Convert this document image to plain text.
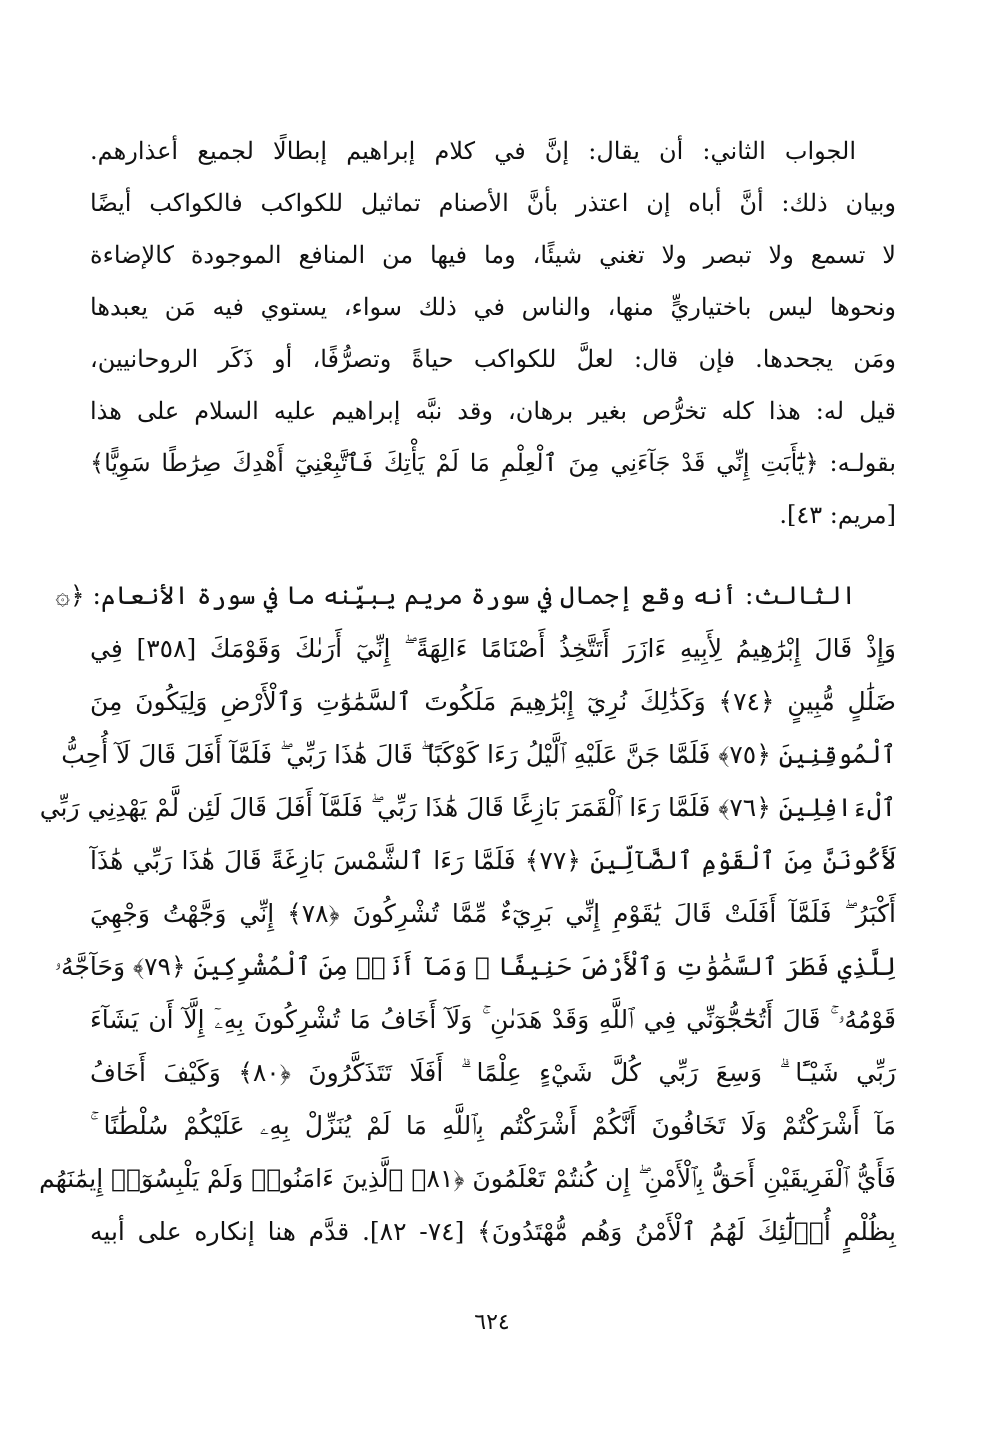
الجواب الثاني: أن يقال: إنَّ في كلام إبراهيم إبطالًا لجميع أعذارهم.
وبيان ذلك: أنَّ أباه إن اعتذر بأنَّ الأصنام تماثيل للكواكب فالكواكب أيضًا
لا تسمع ولا تبصر ولا تغني شيئًا، وما فيها من المنافع الموجودة كالإضاءة
ونحوها ليس باختياريٍّ منها، والناس في ذلك سواء، يستوي فيه مَن يعبدها
ومَن يجحدها. فإن قال: لعلَّ للكواكب حياةً وتصرُّفًا، أو ذَكَر الروحانيين،
قيل له: هذا كله تخرُّص بغير برهان، وقد نبَّه إبراهيم عليه السلام على هذا
بقولـه: ﴿يَٰٓأَبَتِ إِنِّي قَدْ جَآءَنِي مِنَ ٱلْعِلْمِ مَا لَمْ يَأْتِكَ فَٱتَّبِعْنِيٓ أَهْدِكَ صِرَٰطًا سَوِيًّا﴾
[مريم: ٤٣].
الثالث: أنه وقع إجمال في سورة مريم يبيِّنه ما في سورة الأنعام: ﴿۞
وَإِذْ قَالَ إِبْرَٰهِيمُ لِأَبِيهِ ءَازَرَ أَتَتَّخِذُ أَصْنَامًا ءَالِهَةً ۖ إِنِّيٓ أَرَىٰكَ وَقَوْمَكَ [٣٥٨] فِي
ضَلَٰلٍ مُّبِينٍ ﴿٧٤﴾ وَكَذَٰلِكَ نُرِيٓ إِبْرَٰهِيمَ مَلَكُوتَ ٱلسَّمَٰوَٰتِ وَٱلْأَرْضِ وَلِيَكُونَ مِنَ
ٱلْمُوقِنِينَ ﴿٧٥﴾ فَلَمَّا جَنَّ عَلَيْهِ ٱلَّيْلُ رَءَا كَوْكَبًا ۖ قَالَ هَٰذَا رَبِّي ۖ فَلَمَّآ أَفَلَ قَالَ لَآ أُحِبُّ
ٱلْءَافِلِينَ ﴿٧٦﴾ فَلَمَّا رَءَا ٱلْقَمَرَ بَازِغًا قَالَ هَٰذَا رَبِّي ۖ فَلَمَّآ أَفَلَ قَالَ لَئِن لَّمْ يَهْدِنِي رَبِّي
لَأَكُونَنَّ مِنَ ٱلْقَوْمِ ٱلضَّآلِّينَ ﴿٧٧﴾ فَلَمَّا رَءَا ٱلشَّمْسَ بَازِغَةً قَالَ هَٰذَا رَبِّي هَٰذَآ
أَكْبَرُ ۖ فَلَمَّآ أَفَلَتْ قَالَ يَٰقَوْمِ إِنِّي بَرِيٓءٌ مِّمَّا تُشْرِكُونَ ﴿٧٨﴾ إِنِّي وَجَّهْتُ وَجْهِيَ
لِلَّذِي فَطَرَ ٱلسَّمَٰوَٰتِ وَٱلْأَرْضَ حَنِيفًا ۖ وَمَآ أَنَا۠ مِنَ ٱلْمُشْرِكِينَ ﴿٧٩﴾ وَحَآجَّهُۥ
قَوْمُهُۥ ۚ قَالَ أَتُحَٰٓجُّوٓنِّي فِي ٱللَّهِ وَقَدْ هَدَىٰنِ ۚ وَلَآ أَخَافُ مَا تُشْرِكُونَ بِهِۦٓ إِلَّآ أَن يَشَآءَ
رَبِّي شَيْـًٔا ۗ وَسِعَ رَبِّي كُلَّ شَيْءٍ عِلْمًا ۗ أَفَلَا تَتَذَكَّرُونَ ﴿٨٠﴾ وَكَيْفَ أَخَافُ
مَآ أَشْرَكْتُمْ وَلَا تَخَافُونَ أَنَّكُمْ أَشْرَكْتُم بِٱللَّهِ مَا لَمْ يُنَزِّلْ بِهِۦ عَلَيْكُمْ سُلْطَٰنًا ۚ
فَأَيُّ ٱلْفَرِيقَيْنِ أَحَقُّ بِٱلْأَمْنِ ۖ إِن كُنتُمْ تَعْلَمُونَ ﴿٨١﴾ ٱلَّذِينَ ءَامَنُوا۟ وَلَمْ يَلْبِسُوٓا۟ إِيمَٰنَهُم
بِظُلْمٍ أُو۟لَٰٓئِكَ لَهُمُ ٱلْأَمْنُ وَهُم مُّهْتَدُونَ﴾ [٧٤- ٨٢]. قدَّم هنا إنكاره على أبيه
٦٢٤
